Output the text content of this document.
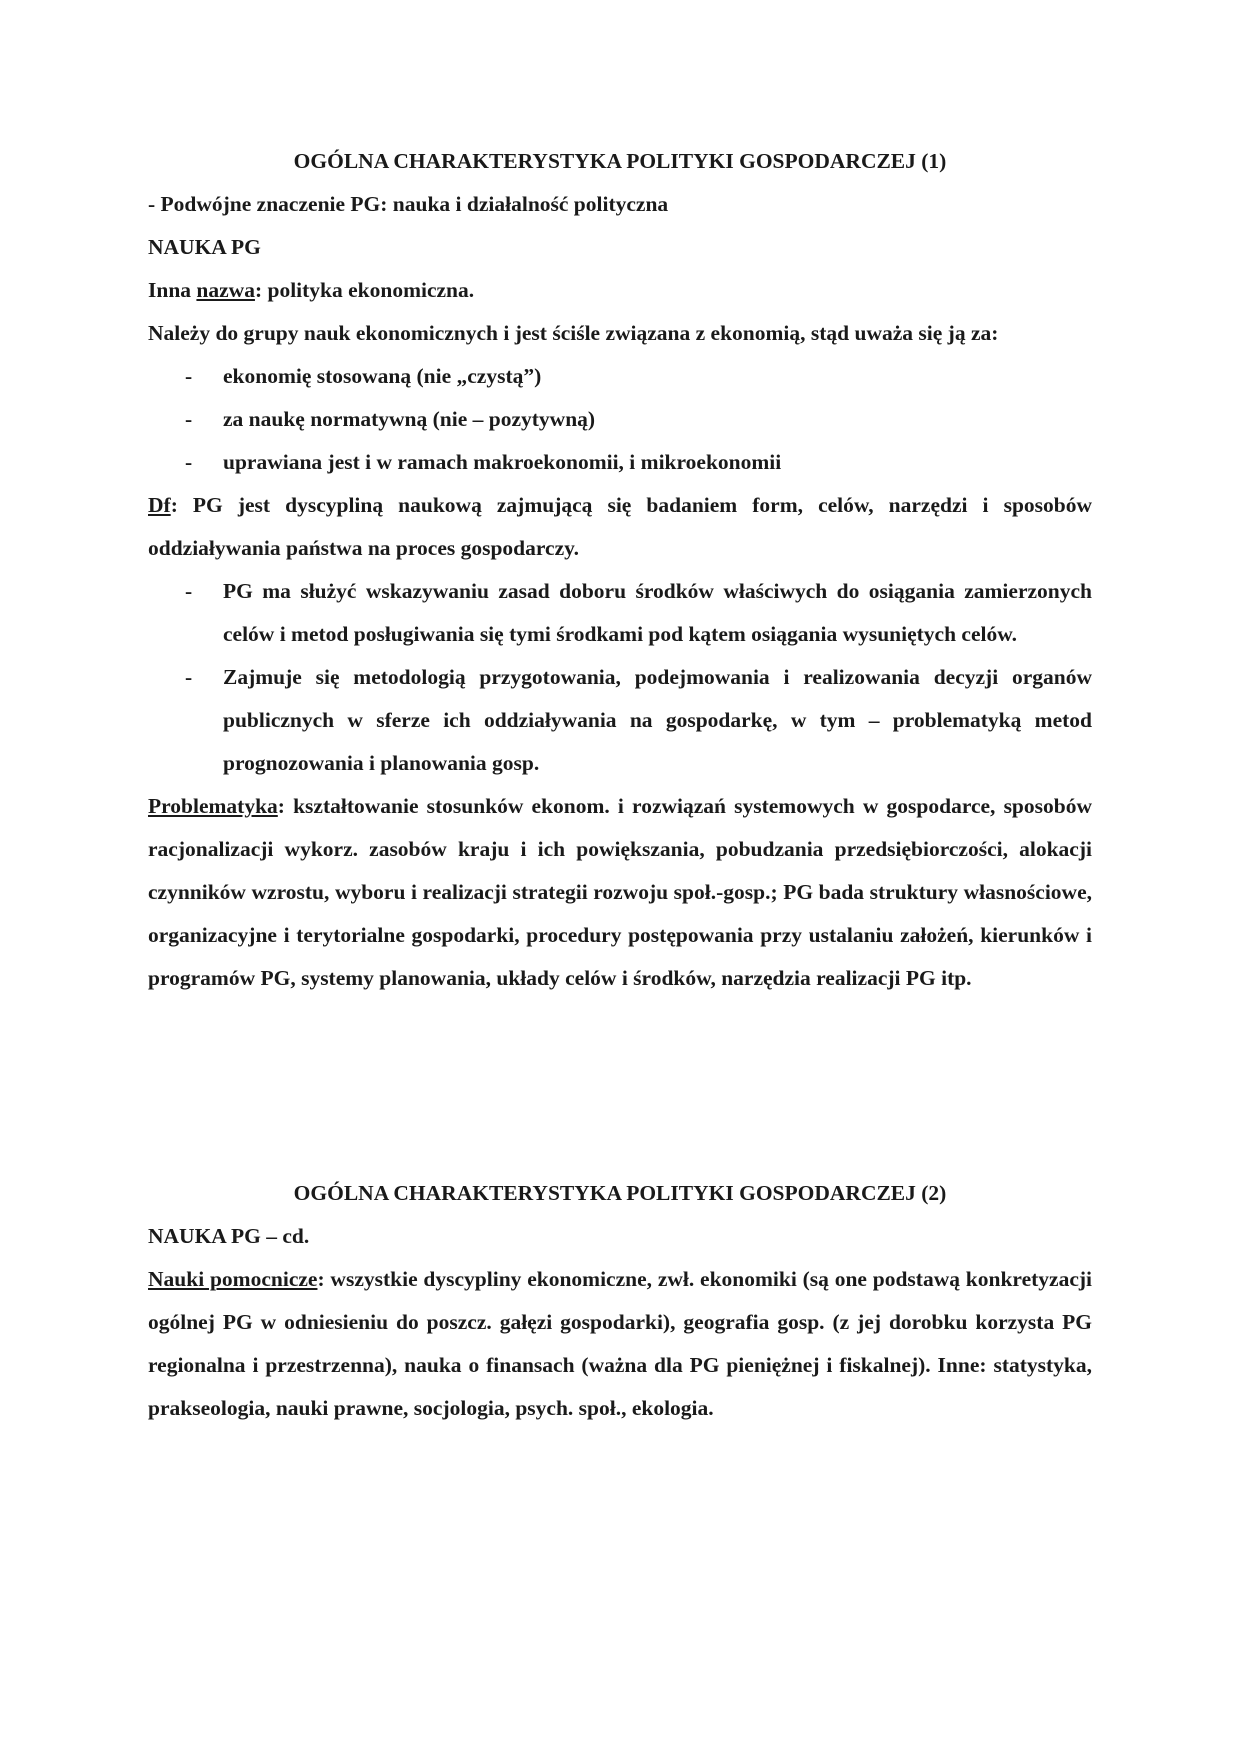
OGÓLNA CHARAKTERYSTYKA POLITYKI GOSPODARCZEJ (1)

- Podwójne znaczenie PG: nauka i działalność polityczna

NAUKA PG

Inna nazwa: polityka ekonomiczna.

Należy do grupy nauk ekonomicznych i jest ściśle związana z ekonomią, stąd uważa się ją za:

- ekonomię stosowaną (nie „czystą”)
- za naukę normatywną (nie – pozytywną)
- uprawiana jest i w ramach makroekonomii, i mikroekonomii

Df: PG jest dyscypliną naukową zajmującą się badaniem form, celów, narzędzi i sposobów oddziaływania państwa na proces gospodarczy.

- PG ma służyć wskazywaniu zasad doboru środków właściwych do osiągania zamierzonych celów i metod posługiwania się tymi środkami pod kątem osiągania wysuniętych celów.
- Zajmuje się metodologią przygotowania, podejmowania i realizowania decyzji organów publicznych w sferze ich oddziaływania na gospodarkę, w tym – problematyką metod prognozowania i planowania gosp.

Problematyka: kształtowanie stosunków ekonom. i rozwiązań systemowych w gospodarce, sposobów racjonalizacji wykorz. zasobów kraju i ich powiększania, pobudzania przedsiębiorczości, alokacji czynników wzrostu, wyboru i realizacji strategii rozwoju społ.-gosp.; PG bada struktury własnościowe, organizacyjne i terytorialne gospodarki, procedury postępowania przy ustalaniu założeń, kierunków i programów PG, systemy planowania, układy celów i środków, narzędzia realizacji PG itp.

OGÓLNA CHARAKTERYSTYKA POLITYKI GOSPODARCZEJ (2)

NAUKA PG – cd.

Nauki pomocnicze: wszystkie dyscypliny ekonomiczne, zwł. ekonomiki (są one podstawą konkretyzacji ogólnej PG w odniesieniu do poszcz. gałęzi gospodarki), geografia gosp. (z jej dorobku korzysta PG regionalna i przestrzenna), nauka o finansach (ważna dla PG pieniężnej i fiskalnej). Inne: statystyka, prakseologia, nauki prawne, socjologia, psych. społ., ekologia.
